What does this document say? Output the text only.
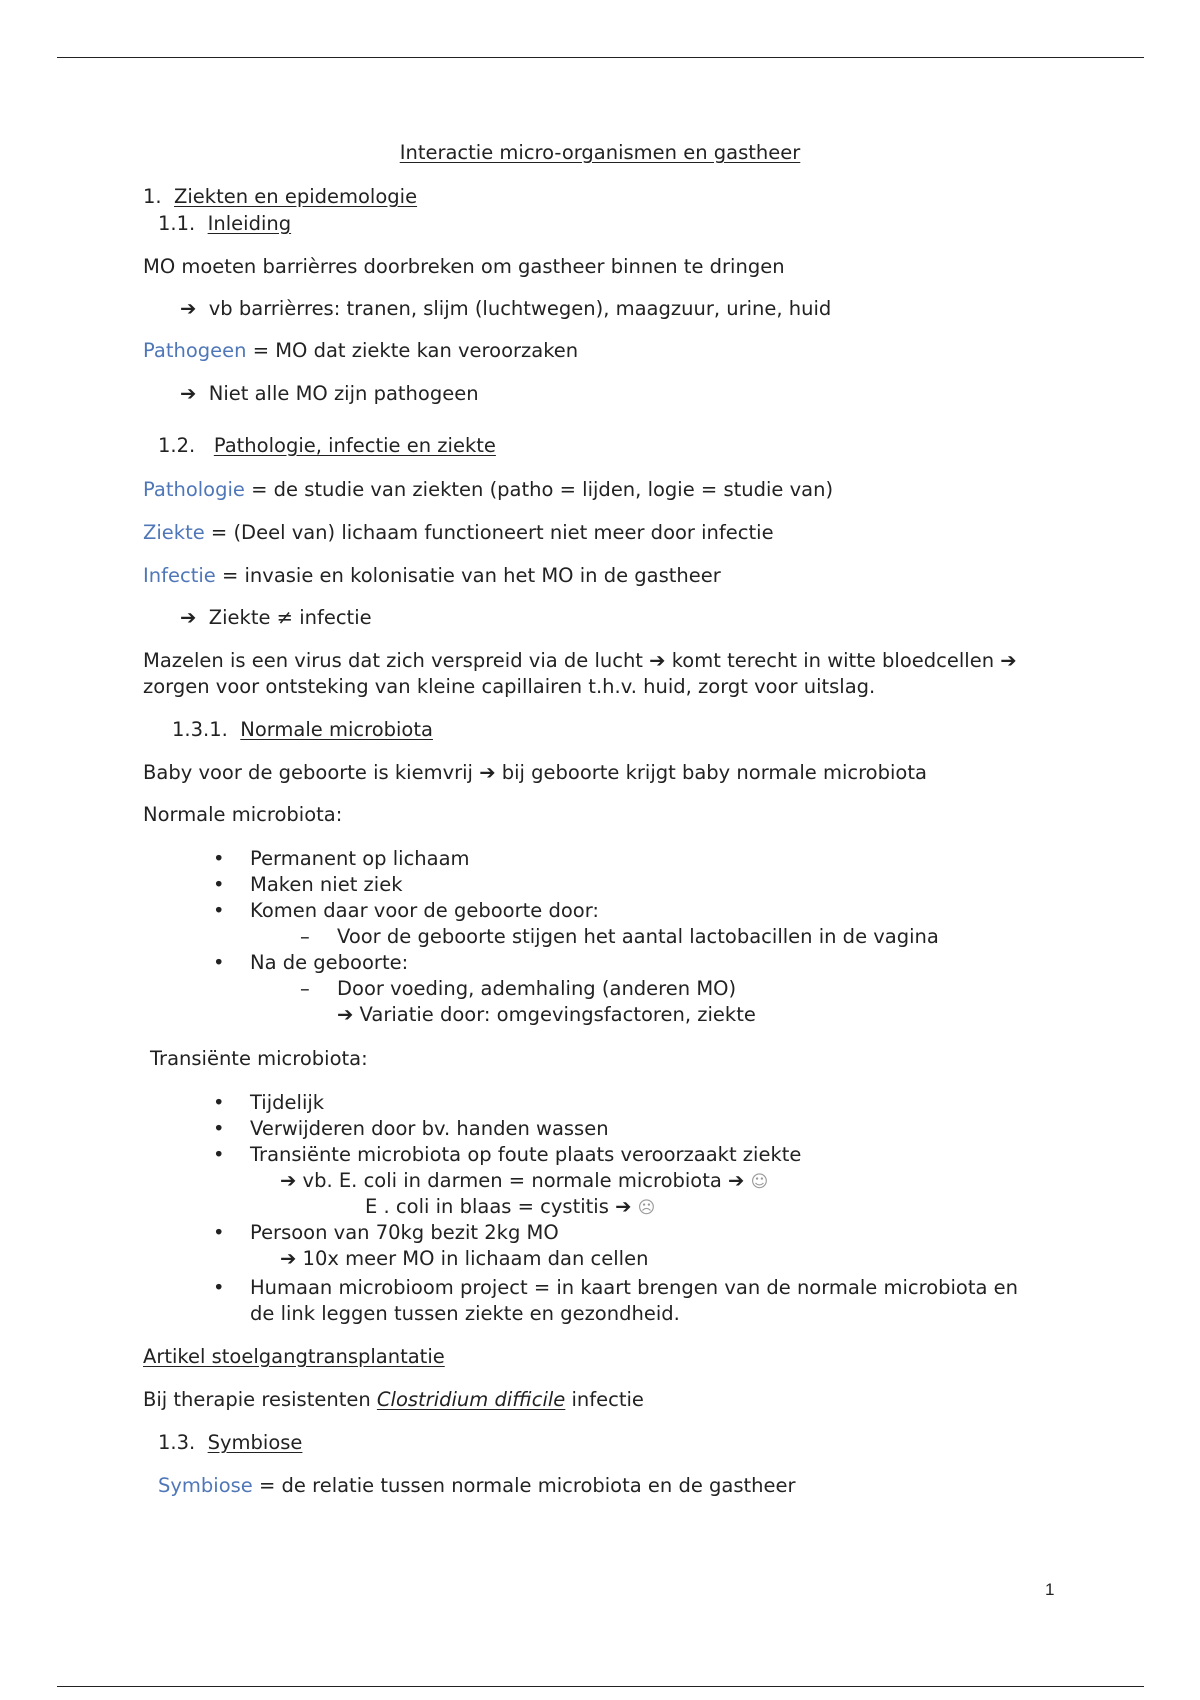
Interactie micro-organismen en gastheer
1. Ziekten en epidemologie
1.1. Inleiding
MO moeten barrièrres doorbreken om gastheer binnen te dringen
➔ vb barrièrres: tranen, slijm (luchtwegen), maagzuur, urine, huid
Pathogeen = MO dat ziekte kan veroorzaken
➔ Niet alle MO zijn pathogeen
1.2. Pathologie, infectie en ziekte
Pathologie = de studie van ziekten (patho = lijden, logie = studie van)
Ziekte = (Deel van) lichaam functioneert niet meer door infectie
Infectie = invasie en kolonisatie van het MO in de gastheer
➔ Ziekte ≠ infectie
Mazelen is een virus dat zich verspreid via de lucht ➔ komt terecht in witte bloedcellen ➔
zorgen voor ontsteking van kleine capillairen t.h.v. huid, zorgt voor uitslag.
1.3.1. Normale microbiota
Baby voor de geboorte is kiemvrij ➔ bij geboorte krijgt baby normale microbiota
Normale microbiota:
• Permanent op lichaam
• Maken niet ziek
• Komen daar voor de geboorte door:
– Voor de geboorte stijgen het aantal lactobacillen in de vagina
• Na de geboorte:
– Door voeding, ademhaling (anderen MO)
➔ Variatie door: omgevingsfactoren, ziekte
Transiënte microbiota:
• Tijdelijk
• Verwijderen door bv. handen wassen
• Transiënte microbiota op foute plaats veroorzaakt ziekte
➔ vb. E. coli in darmen = normale microbiota ➔ ☺
E . coli in blaas = cystitis ➔ ☹
• Persoon van 70kg bezit 2kg MO
➔ 10x meer MO in lichaam dan cellen
• Humaan microbioom project = in kaart brengen van de normale microbiota en
de link leggen tussen ziekte en gezondheid.
Artikel stoelgangtransplantatie
Bij therapie resistenten Clostridium difficile infectie
1.3. Symbiose
Symbiose = de relatie tussen normale microbiota en de gastheer
1
